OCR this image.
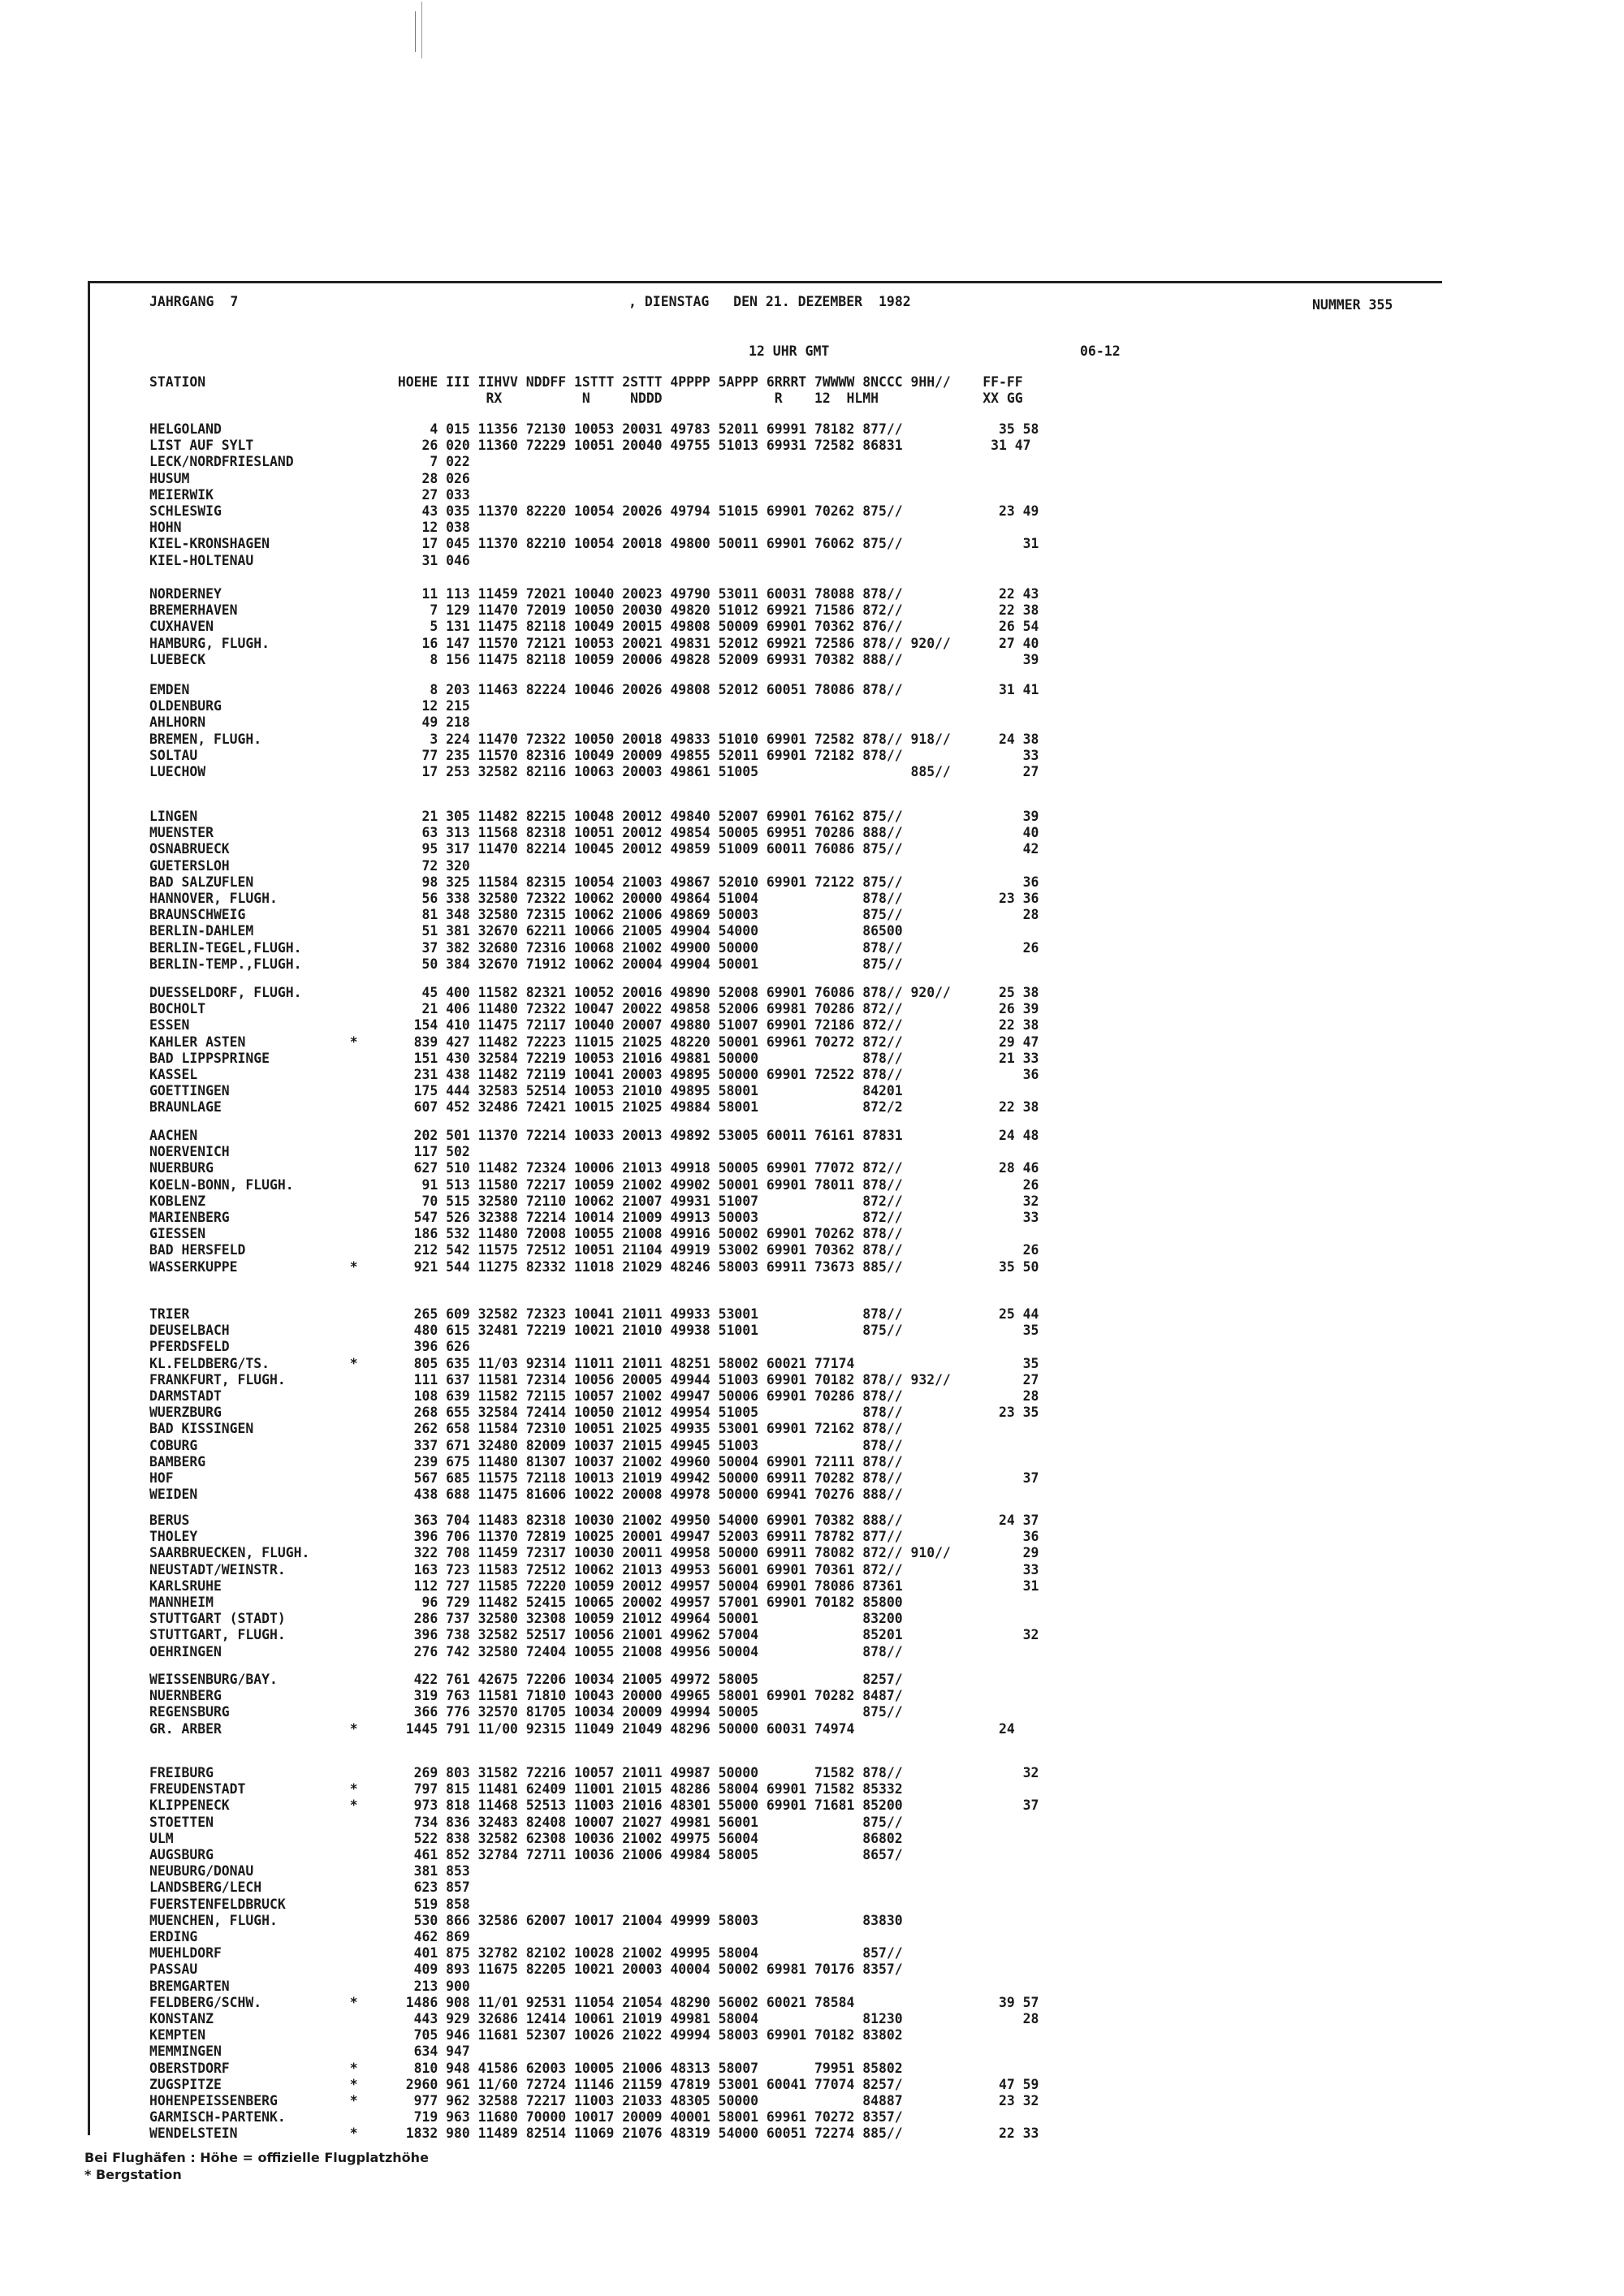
JAHRGANG  7	, DIENSTAG   DEN 21. DEZEMBER  1982	NUMMER 355
12 UHR GMT	06-12
STATION                        HOEHE III IIHVV NDDFF 1STTT 2STTT 4PPPP 5APPP 6RRRT 7WWWW 8NCCC 9HH//    FF-FF
RX          N     NDDD              R    12  HLMH             XX GG
HELGOLAND                          4 015 11356 72130 10053 20031 49783 52011 69991 78182 877//            35 58
LIST AUF SYLT                     26 020 11360 72229 10051 20040 49755 51013 69931 72582 86831           31 47
LECK/NORDFRIESLAND                 7 022
HUSUM                             28 026
MEIERWIK                          27 033
SCHLESWIG                         43 035 11370 82220 10054 20026 49794 51015 69901 70262 875//            23 49
HOHN                              12 038
KIEL-KRONSHAGEN                   17 045 11370 82210 10054 20018 49800 50011 69901 76062 875//               31
KIEL-HOLTENAU                     31 046
NORDERNEY                         11 113 11459 72021 10040 20023 49790 53011 60031 78088 878//            22 43
BREMERHAVEN                        7 129 11470 72019 10050 20030 49820 51012 69921 71586 872//            22 38
CUXHAVEN                           5 131 11475 82118 10049 20015 49808 50009 69901 70362 876//            26 54
HAMBURG, FLUGH.                   16 147 11570 72121 10053 20021 49831 52012 69921 72586 878// 920//      27 40
LUEBECK                            8 156 11475 82118 10059 20006 49828 52009 69931 70382 888//               39
EMDEN                              8 203 11463 82224 10046 20026 49808 52012 60051 78086 878//            31 41
OLDENBURG                         12 215
AHLHORN                           49 218
BREMEN, FLUGH.                     3 224 11470 72322 10050 20018 49833 51010 69901 72582 878// 918//      24 38
SOLTAU                            77 235 11570 82316 10049 20009 49855 52011 69901 72182 878//               33
LUECHOW                           17 253 32582 82116 10063 20003 49861 51005                   885//         27
LINGEN                            21 305 11482 82215 10048 20012 49840 52007 69901 76162 875//               39
MUENSTER                          63 313 11568 82318 10051 20012 49854 50005 69951 70286 888//               40
OSNABRUECK                        95 317 11470 82214 10045 20012 49859 51009 60011 76086 875//               42
GUETERSLOH                        72 320
BAD SALZUFLEN                     98 325 11584 82315 10054 21003 49867 52010 69901 72122 875//               36
HANNOVER, FLUGH.                  56 338 32580 72322 10062 20000 49864 51004             878//            23 36
BRAUNSCHWEIG                      81 348 32580 72315 10062 21006 49869 50003             875//               28
BERLIN-DAHLEM                     51 381 32670 62211 10066 21005 49904 54000             86500
BERLIN-TEGEL,FLUGH.               37 382 32680 72316 10068 21002 49900 50000             878//               26
BERLIN-TEMP.,FLUGH.               50 384 32670 71912 10062 20004 49904 50001             875//
DUESSELDORF, FLUGH.               45 400 11582 82321 10052 20016 49890 52008 69901 76086 878// 920//      25 38
BOCHOLT                           21 406 11480 72322 10047 20022 49858 52006 69981 70286 872//            26 39
ESSEN                            154 410 11475 72117 10040 20007 49880 51007 69901 72186 872//            22 38
KAHLER ASTEN             *       839 427 11482 72223 11015 21025 48220 50001 69961 70272 872//            29 47
BAD LIPPSPRINGE                  151 430 32584 72219 10053 21016 49881 50000             878//            21 33
KASSEL                           231 438 11482 72119 10041 20003 49895 50000 69901 72522 878//               36
GOETTINGEN                       175 444 32583 52514 10053 21010 49895 58001             84201
BRAUNLAGE                        607 452 32486 72421 10015 21025 49884 58001             872/2            22 38
AACHEN                           202 501 11370 72214 10033 20013 49892 53005 60011 76161 87831            24 48
NOERVENICH                       117 502
NUERBURG                         627 510 11482 72324 10006 21013 49918 50005 69901 77072 872//            28 46
KOELN-BONN, FLUGH.                91 513 11580 72217 10059 21002 49902 50001 69901 78011 878//               26
KOBLENZ                           70 515 32580 72110 10062 21007 49931 51007             872//               32
MARIENBERG                       547 526 32388 72214 10014 21009 49913 50003             872//               33
GIESSEN                          186 532 11480 72008 10055 21008 49916 50002 69901 70262 878//
BAD HERSFELD                     212 542 11575 72512 10051 21104 49919 53002 69901 70362 878//               26
WASSERKUPPE              *       921 544 11275 82332 11018 21029 48246 58003 69911 73673 885//            35 50
TRIER                            265 609 32582 72323 10041 21011 49933 53001             878//            25 44
DEUSELBACH                       480 615 32481 72219 10021 21010 49938 51001             875//               35
PFERDSFELD                       396 626
KL.FELDBERG/TS.          *       805 635 11/03 92314 11011 21011 48251 58002 60021 77174                     35
FRANKFURT, FLUGH.                111 637 11581 72314 10056 20005 49944 51003 69901 70182 878// 932//         27
DARMSTADT                        108 639 11582 72115 10057 21002 49947 50006 69901 70286 878//               28
WUERZBURG                        268 655 32584 72414 10050 21012 49954 51005             878//            23 35
BAD KISSINGEN                    262 658 11584 72310 10051 21025 49935 53001 69901 72162 878//
COBURG                           337 671 32480 82009 10037 21015 49945 51003             878//
BAMBERG                          239 675 11480 81307 10037 21002 49960 50004 69901 72111 878//
HOF                              567 685 11575 72118 10013 21019 49942 50000 69911 70282 878//               37
WEIDEN                           438 688 11475 81606 10022 20008 49978 50000 69941 70276 888//
BERUS                            363 704 11483 82318 10030 21002 49950 54000 69901 70382 888//            24 37
THOLEY                           396 706 11370 72819 10025 20001 49947 52003 69911 78782 877//               36
SAARBRUECKEN, FLUGH.             322 708 11459 72317 10030 20011 49958 50000 69911 78082 872// 910//         29
NEUSTADT/WEINSTR.                163 723 11583 72512 10062 21013 49953 56001 69901 70361 872//               33
KARLSRUHE                        112 727 11585 72220 10059 20012 49957 50004 69901 78086 87361               31
MANNHEIM                          96 729 11482 52415 10065 20002 49957 57001 69901 70182 85800
STUTTGART (STADT)                286 737 32580 32308 10059 21012 49964 50001             83200
STUTTGART, FLUGH.                396 738 32582 52517 10056 21001 49962 57004             85201               32
OEHRINGEN                        276 742 32580 72404 10055 21008 49956 50004             878//
WEISSENBURG/BAY.                 422 761 42675 72206 10034 21005 49972 58005             8257/
NUERNBERG                        319 763 11581 71810 10043 20000 49965 58001 69901 70282 8487/
REGENSBURG                       366 776 32570 81705 10034 20009 49994 50005             875//
GR. ARBER                *      1445 791 11/00 92315 11049 21049 48296 50000 60031 74974                  24
FREIBURG                         269 803 31582 72216 10057 21011 49987 50000       71582 878//               32
FREUDENSTADT             *       797 815 11481 62409 11001 21015 48286 58004 69901 71582 85332
KLIPPENECK               *       973 818 11468 52513 11003 21016 48301 55000 69901 71681 85200               37
STOETTEN                         734 836 32483 82408 10007 21027 49981 56001             875//
ULM                              522 838 32582 62308 10036 21002 49975 56004             86802
AUGSBURG                         461 852 32784 72711 10036 21006 49984 58005             8657/
NEUBURG/DONAU                    381 853
LANDSBERG/LECH                   623 857
FUERSTENFELDBRUCK                519 858
MUENCHEN, FLUGH.                 530 866 32586 62007 10017 21004 49999 58003             83830
ERDING                           462 869
MUEHLDORF                        401 875 32782 82102 10028 21002 49995 58004             857//
PASSAU                           409 893 11675 82205 10021 20003 40004 50002 69981 70176 8357/
BREMGARTEN                       213 900
FELDBERG/SCHW.           *      1486 908 11/01 92531 11054 21054 48290 56002 60021 78584                  39 57
KONSTANZ                         443 929 32686 12414 10061 21019 49981 58004             81230               28
KEMPTEN                          705 946 11681 52307 10026 21022 49994 58003 69901 70182 83802
MEMMINGEN                        634 947
OBERSTDORF               *       810 948 41586 62003 10005 21006 48313 58007       79951 85802
ZUGSPITZE                *      2960 961 11/60 72724 11146 21159 47819 53001 60041 77074 8257/            47 59
HOHENPEISSENBERG         *       977 962 32588 72217 11003 21033 48305 50000             84887            23 32
GARMISCH-PARTENK.                719 963 11680 70000 10017 20009 40001 58001 69961 70272 8357/
WENDELSTEIN              *      1832 980 11489 82514 11069 21076 48319 54000 60051 72274 885//            22 33
Bei Flughäfen : Höhe = offizielle Flugplatzhöhe
* Bergstation
